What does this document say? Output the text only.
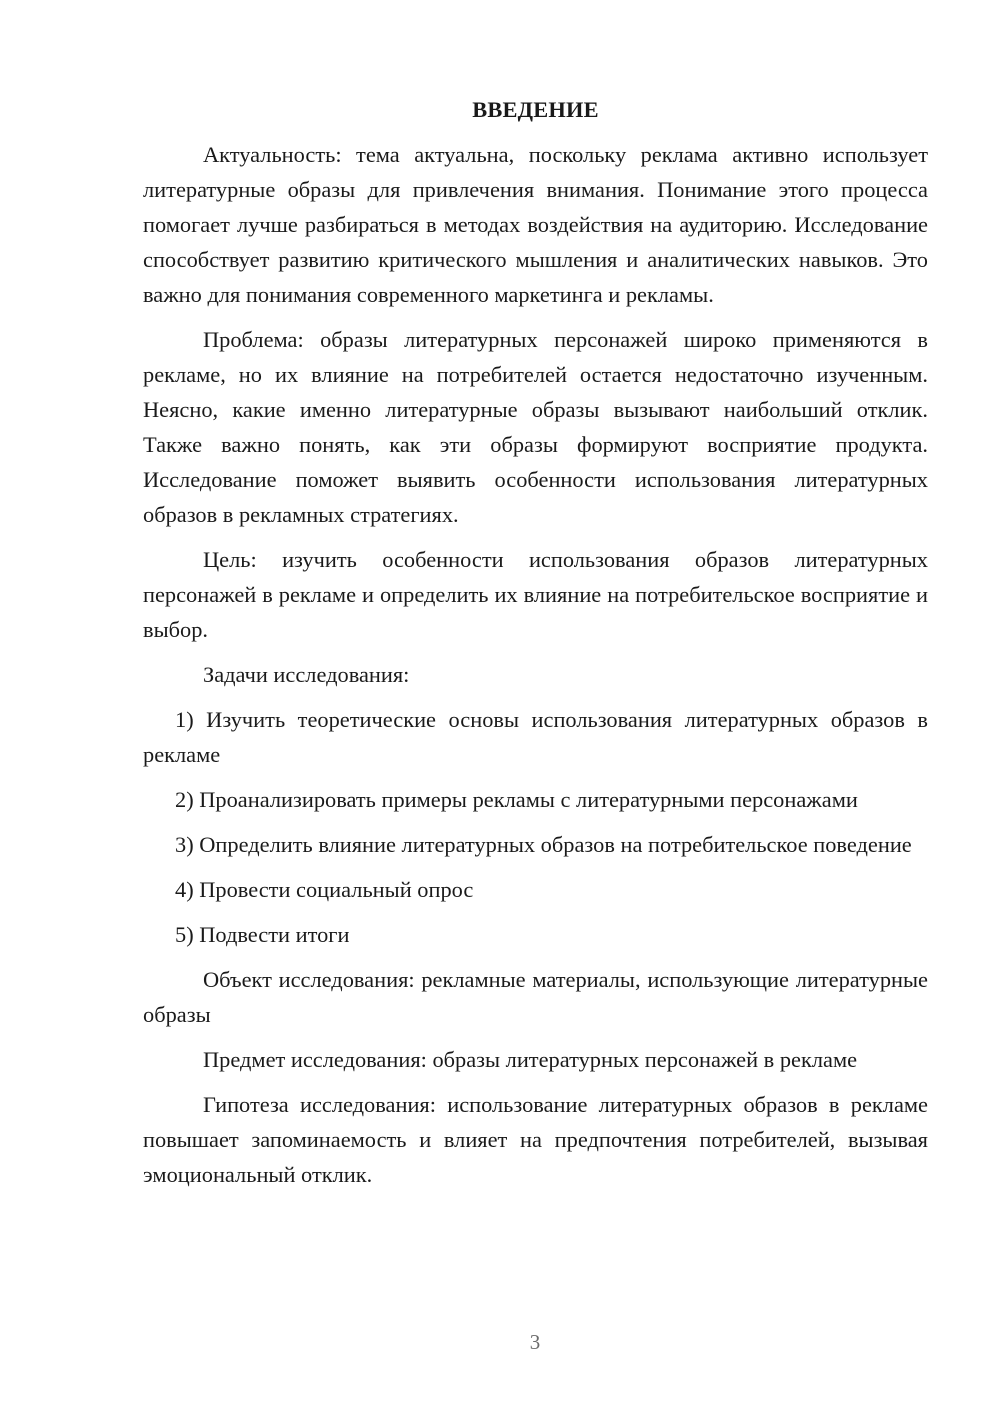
ВВЕДЕНИЕ

Актуальность: тема актуальна, поскольку реклама активно использует литературные образы для привлечения внимания. Понимание этого процесса помогает лучше разбираться в методах воздействия на аудиторию. Исследование способствует развитию критического мышления и аналитических навыков. Это важно для понимания современного маркетинга и рекламы.

Проблема: образы литературных персонажей широко применяются в рекламе, но их влияние на потребителей остается недостаточно изученным. Неясно, какие именно литературные образы вызывают наибольший отклик. Также важно понять, как эти образы формируют восприятие продукта. Исследование поможет выявить особенности использования литературных образов в рекламных стратегиях.

Цель: изучить особенности использования образов литературных персонажей в рекламе и определить их влияние на потребительское восприятие и выбор.

Задачи исследования:

1) Изучить теоретические основы использования литературных образов в рекламе

2) Проанализировать примеры рекламы с литературными персонажами

3) Определить влияние литературных образов на потребительское поведение

4) Провести социальный опрос

5) Подвести итоги

Объект исследования: рекламные материалы, использующие литературные образы

Предмет исследования: образы литературных персонажей в рекламе

Гипотеза исследования: использование литературных образов в рекламе повышает запоминаемость и влияет на предпочтения потребителей, вызывая эмоциональный отклик.

3
